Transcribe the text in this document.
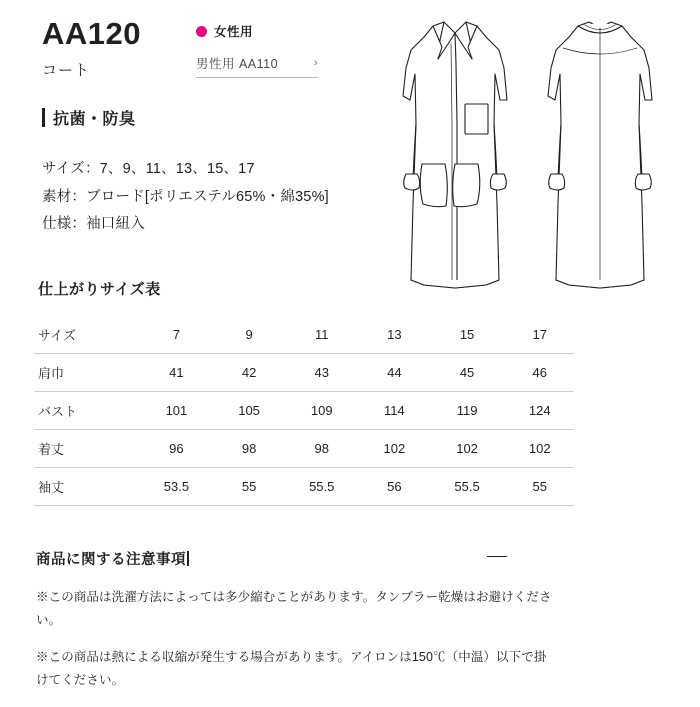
AA120
コート
女性用
男性用 AA110	›
抗菌・防臭
サイズ：7、9、11、13、15、17
素材：ブロード[ポリエステル65%・綿35%]
仕様：袖口紐入
仕上がりサイズ表
サイズ	7	9	11	13	15	17
肩巾	41	42	43	44	45	46
バスト	101	105	109	114	119	124
着丈	96	98	98	102	102	102
袖丈	53.5	55	55.5	56	55.5	55
商品に関する注意事項

※この商品は洗濯方法によっては多少縮むことがあります。タンブラー乾燥はお避けください。

※この商品は熱による収縮が発生する場合があります。アイロンは150℃（中温）以下で掛けてください。
